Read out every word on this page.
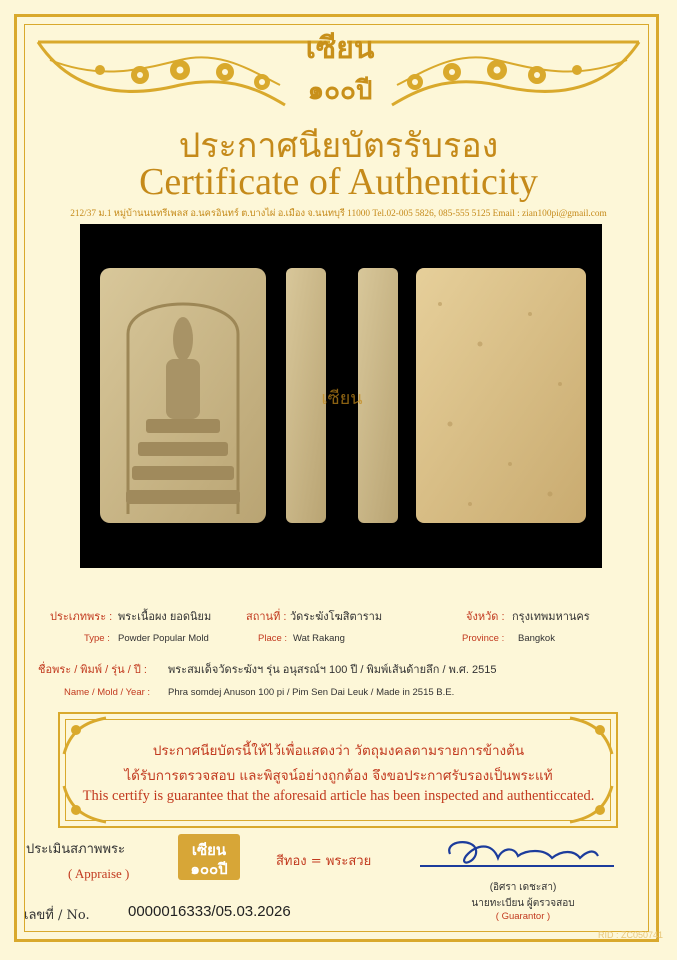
เซียน
๑๐๐ปี
ประกาศนียบัตรรับรอง
Certificate of Authenticity
212/37 ม.1 หมู่บ้านนนทรีเพลส อ.นครอินทร์ ต.บางไผ่ อ.เมือง จ.นนทบุรี 11000 Tel.02-005 5826, 085-555 5125 Email : zian100pi@gmail.com
เซียน
ประเภทพระ : พระเนื้อผง ยอดนิยม	สถานที่ : วัดระฆังโฆสิตาราม	จังหวัด : กรุงเทพมหานคร
Type : Powder Popular Mold	Place : Wat Rakang	Province : Bangkok
ชื่อพระ / พิมพ์ / รุ่น / ปี : พระสมเด็จวัดระฆังฯ รุ่น อนุสรณ์ฯ 100 ปี / พิมพ์เส้นด้ายลึก / พ.ศ. 2515
Name / Mold / Year : Phra somdej Anuson 100 pi / Pim Sen Dai Leuk / Made in 2515 B.E.
ประกาศนียบัตรนี้ให้ไว้เพื่อแสดงว่า วัตถุมงคลตามรายการข้างต้น
ได้รับการตรวจสอบ และพิสูจน์อย่างถูกต้อง จึงขอประกาศรับรองเป็นพระแท้
This certify is guarantee that the aforesaid article has been inspected and authenticcated.
ประเมินสภาพพระ
( Appraise )
เซียน
๑๐๐ปี	สีทอง = พระสวย
เลขที่ / No.	0000016333/05.03.2026
(อิศรา เดชะสา)
นายทะเบียน ผู้ตรวจสอบ
( Guarantor )
RID : ZC050741
